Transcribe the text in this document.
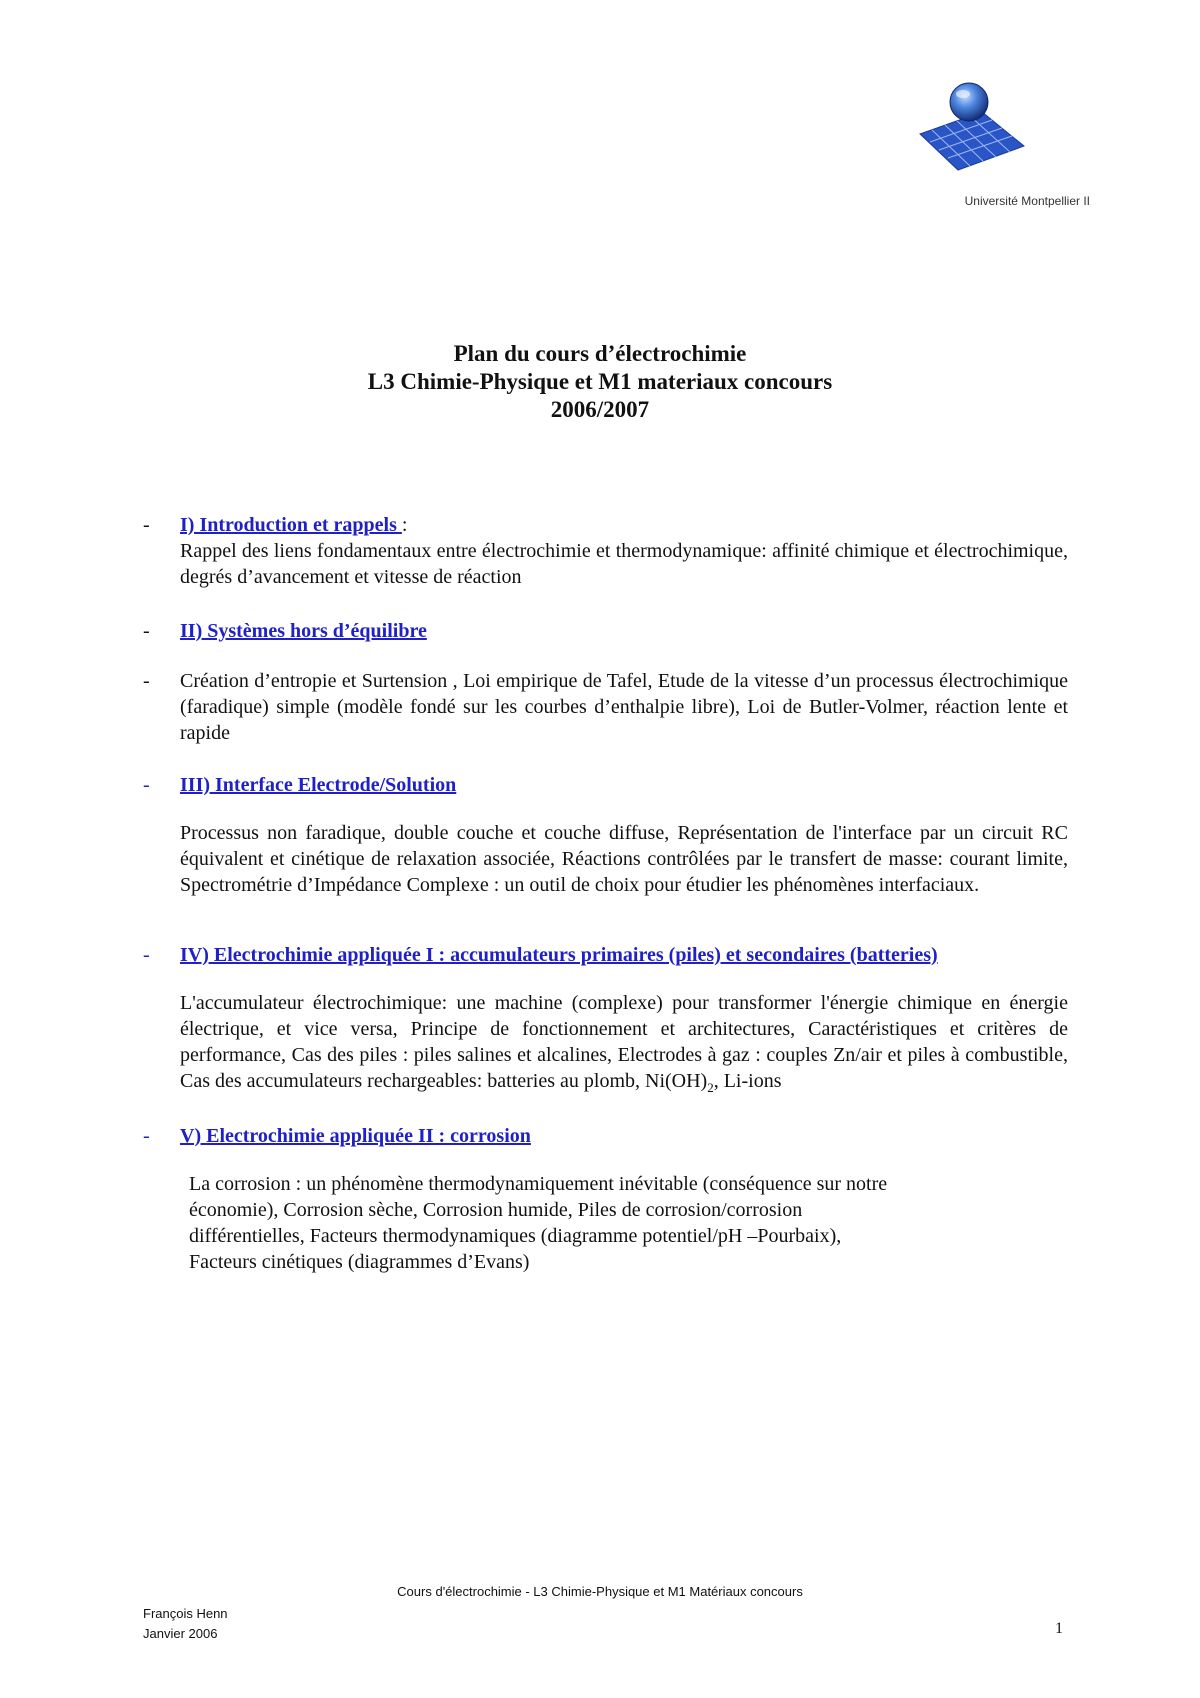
Université Montpellier II
Plan du cours d’électrochimie
L3 Chimie-Physique et M1 materiaux concours
2006/2007
- I) Introduction et rappels :
Rappel des liens fondamentaux entre électrochimie et thermodynamique: affinité chimique et électrochimique, degrés d’avancement et vitesse de réaction
- II) Systèmes hors d’équilibre
- Création d’entropie et Surtension , Loi empirique de Tafel, Etude de la vitesse d’un processus électrochimique (faradique) simple (modèle fondé sur les courbes d’enthalpie libre), Loi de Butler-Volmer, réaction lente et rapide
- III) Interface Electrode/Solution
Processus non faradique, double couche et couche diffuse, Représentation de l'interface par un circuit RC équivalent et cinétique de relaxation associée, Réactions contrôlées par le transfert de masse: courant limite, Spectrométrie d’Impédance Complexe : un outil de choix pour étudier les phénomènes interfaciaux.
- IV) Electrochimie appliquée I : accumulateurs primaires (piles) et secondaires (batteries)
L'accumulateur électrochimique: une machine (complexe) pour transformer l'énergie chimique en énergie électrique, et vice versa, Principe de fonctionnement et architectures, Caractéristiques et critères de performance, Cas des piles : piles salines et alcalines, Electrodes à gaz : couples Zn/air et piles à combustible, Cas des accumulateurs rechargeables: batteries au plomb, $Ni(OH)_2$, Li-ions
- V) Electrochimie appliquée II : corrosion
La corrosion : un phénomène thermodynamiquement inévitable (conséquence sur notre
économie), Corrosion sèche, Corrosion humide, Piles de corrosion/corrosion
différentielles, Facteurs thermodynamiques (diagramme potentiel/pH –Pourbaix),
Facteurs cinétiques (diagrammes d’Evans)
Cours d'électrochimie - L3 Chimie-Physique et M1 Matériaux concours
François Henn
Janvier 2006	1
